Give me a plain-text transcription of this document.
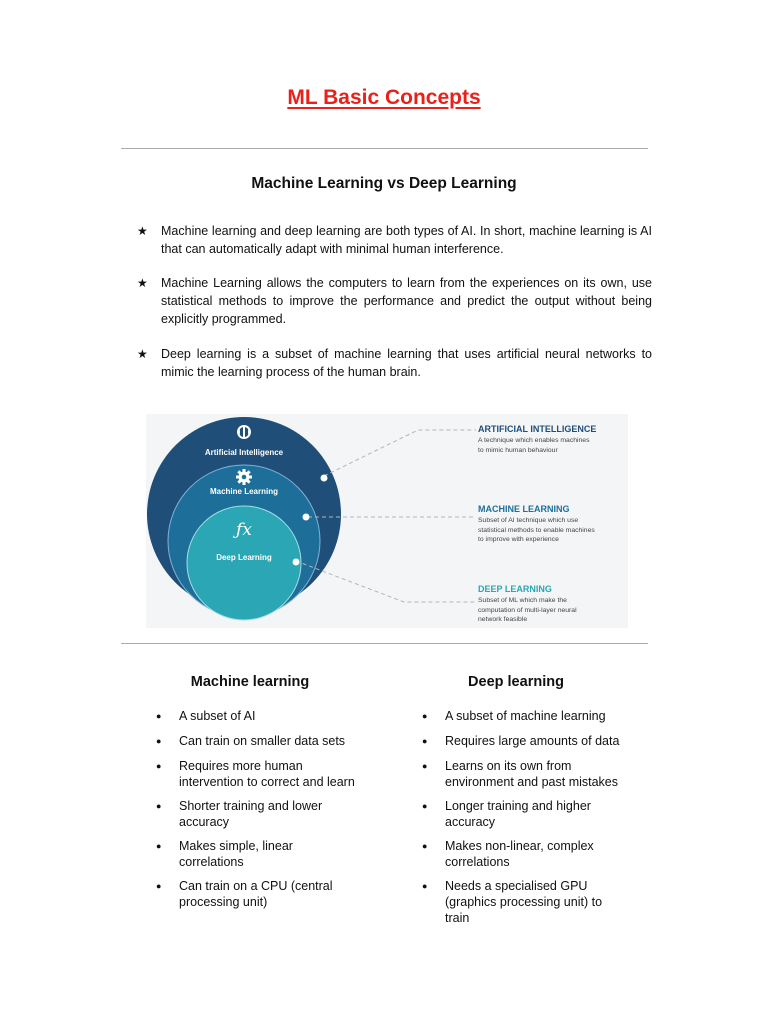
ML Basic Concepts
Machine Learning vs Deep Learning
★ Machine learning and deep learning are both types of AI. In short, machine learning is AI that can automatically adapt with minimal human interference.
★ Machine Learning allows the computers to learn from the experiences on its own, use statistical methods to improve the performance and predict the output without being explicitly programmed.
★ Deep learning is a subset of machine learning that uses artificial neural networks to mimic the learning process of the human brain.
Artificial Intelligence
Machine Learning
ƒx
Deep Learning
ARTIFICIAL INTELLIGENCE
A technique which enables machines
to mimic human behaviour
MACHINE LEARNING
Subset of AI technique which use
statistical methods to enable machines
to improve with experience
DEEP LEARNING
Subset of ML which make the
computation of multi-layer neural
network feasible
Machine learning	Deep learning
● A subset of AI
● Can train on smaller data sets
● Requires more human
intervention to correct and learn
● Shorter training and lower
accuracy
● Makes simple, linear
correlations
● Can train on a CPU (central
processing unit)
● A subset of machine learning
● Requires large amounts of data
● Learns on its own from
environment and past mistakes
● Longer training and higher
accuracy
● Makes non-linear, complex
correlations
● Needs a specialised GPU
(graphics processing unit) to
train
